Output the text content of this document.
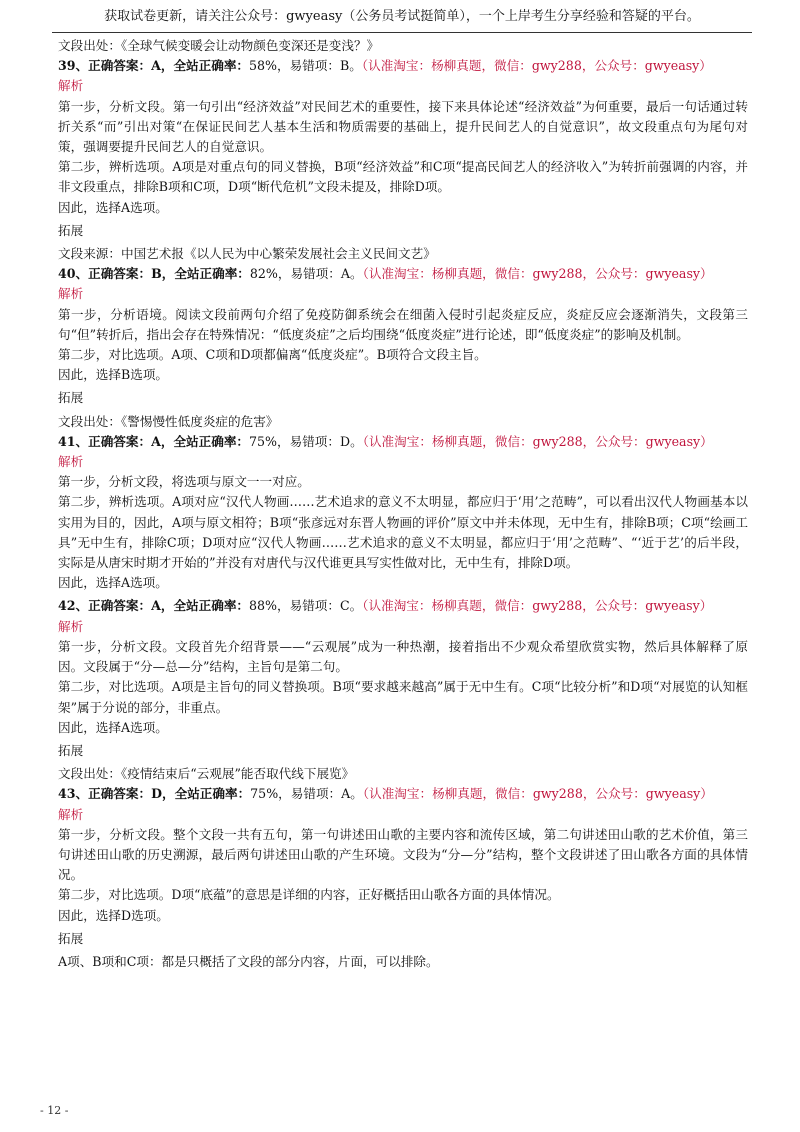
获取试卷更新，请关注公众号：gwyeasy（公务员考试挺简单），一个上岸考生分享经验和答疑的平台。
文段出处：《全球气候变暖会让动物颜色变深还是变浅？》
39、正确答案：A，全站正确率：58%，易错项：B。（认准淘宝：杨柳真题，微信：gwy288，公众号：gwyeasy）
解析
第一步，分析文段。第一句引出“经济效益”对民间艺术的重要性，接下来具体论述“经济效益”为何重要，最后一句话通过转折关系“而”引出对策“在保证民间艺人基本生活和物质需要的基础上，提升民间艺人的自觉意识”，故文段重点句为尾句对策，强调要提升民间艺人的自觉意识。
第二步，辨析选项。A项是对重点句的同义替换，B项“经济效益”和C项“提高民间艺人的经济收入”为转折前强调的内容，并非文段重点，排除B项和C项，D项“断代危机”文段未提及，排除D项。
因此，选择A选项。
拓展
文段来源：中国艺术报《以人民为中心繁荣发展社会主义民间文艺》
40、正确答案：B，全站正确率：82%，易错项：A。（认准淘宝：杨柳真题，微信：gwy288，公众号：gwyeasy）
解析
第一步，分析语境。阅读文段前两句介绍了免疫防御系统会在细菌入侵时引起炎症反应，炎症反应会逐渐消失，文段第三句“但”转折后，指出会存在特殊情况：“低度炎症”之后均围绕“低度炎症”进行论述，即“低度炎症”的影响及机制。
第二步，对比选项。A项、C项和D项都偏离“低度炎症”。B项符合文段主旨。
因此，选择B选项。
拓展
文段出处：《警惕慢性低度炎症的危害》
41、正确答案：A，全站正确率：75%，易错项：D。（认准淘宝：杨柳真题，微信：gwy288，公众号：gwyeasy）
解析
第一步，分析文段，将选项与原文一一对应。
第二步，辨析选项。A项对应“汉代人物画……艺术追求的意义不太明显，都应归于‘用’之范畴”，可以看出汉代人物画基本以实用为目的，因此，A项与原文相符；B项“张彦远对东晋人物画的评价”原文中并未体现，无中生有，排除B项；C项“绘画工具”无中生有，排除C项；D项对应“汉代人物画……艺术追求的意义不太明显，都应归于‘用’之范畴”、“‘近于艺’的后半段，实际是从唐宋时期才开始的”并没有对唐代与汉代谁更具写实性做对比，无中生有，排除D项。
因此，选择A选项。
42、正确答案：A，全站正确率：88%，易错项：C。（认准淘宝：杨柳真题，微信：gwy288，公众号：gwyeasy）
解析
第一步，分析文段。文段首先介绍背景——“云观展”成为一种热潮，接着指出不少观众希望欣赏实物，然后具体解释了原因。文段属于“分—总—分”结构，主旨句是第二句。
第二步，对比选项。A项是主旨句的同义替换项。B项“要求越来越高”属于无中生有。C项“比较分析”和D项“对展览的认知框架”属于分说的部分，非重点。
因此，选择A选项。
拓展
文段出处：《疫情结束后“云观展”能否取代线下展览》
43、正确答案：D，全站正确率：75%，易错项：A。（认准淘宝：杨柳真题，微信：gwy288，公众号：gwyeasy）
解析
第一步，分析文段。整个文段一共有五句，第一句讲述田山歌的主要内容和流传区域，第二句讲述田山歌的艺术价值，第三句讲述田山歌的历史溯源，最后两句讲述田山歌的产生环境。文段为“分—分”结构，整个文段讲述了田山歌各方面的具体情况。
第二步，对比选项。D项“底蕴”的意思是详细的内容，正好概括田山歌各方面的具体情况。
因此，选择D选项。
拓展
A项、B项和C项：都是只概括了文段的部分内容，片面，可以排除。
- 12 -
